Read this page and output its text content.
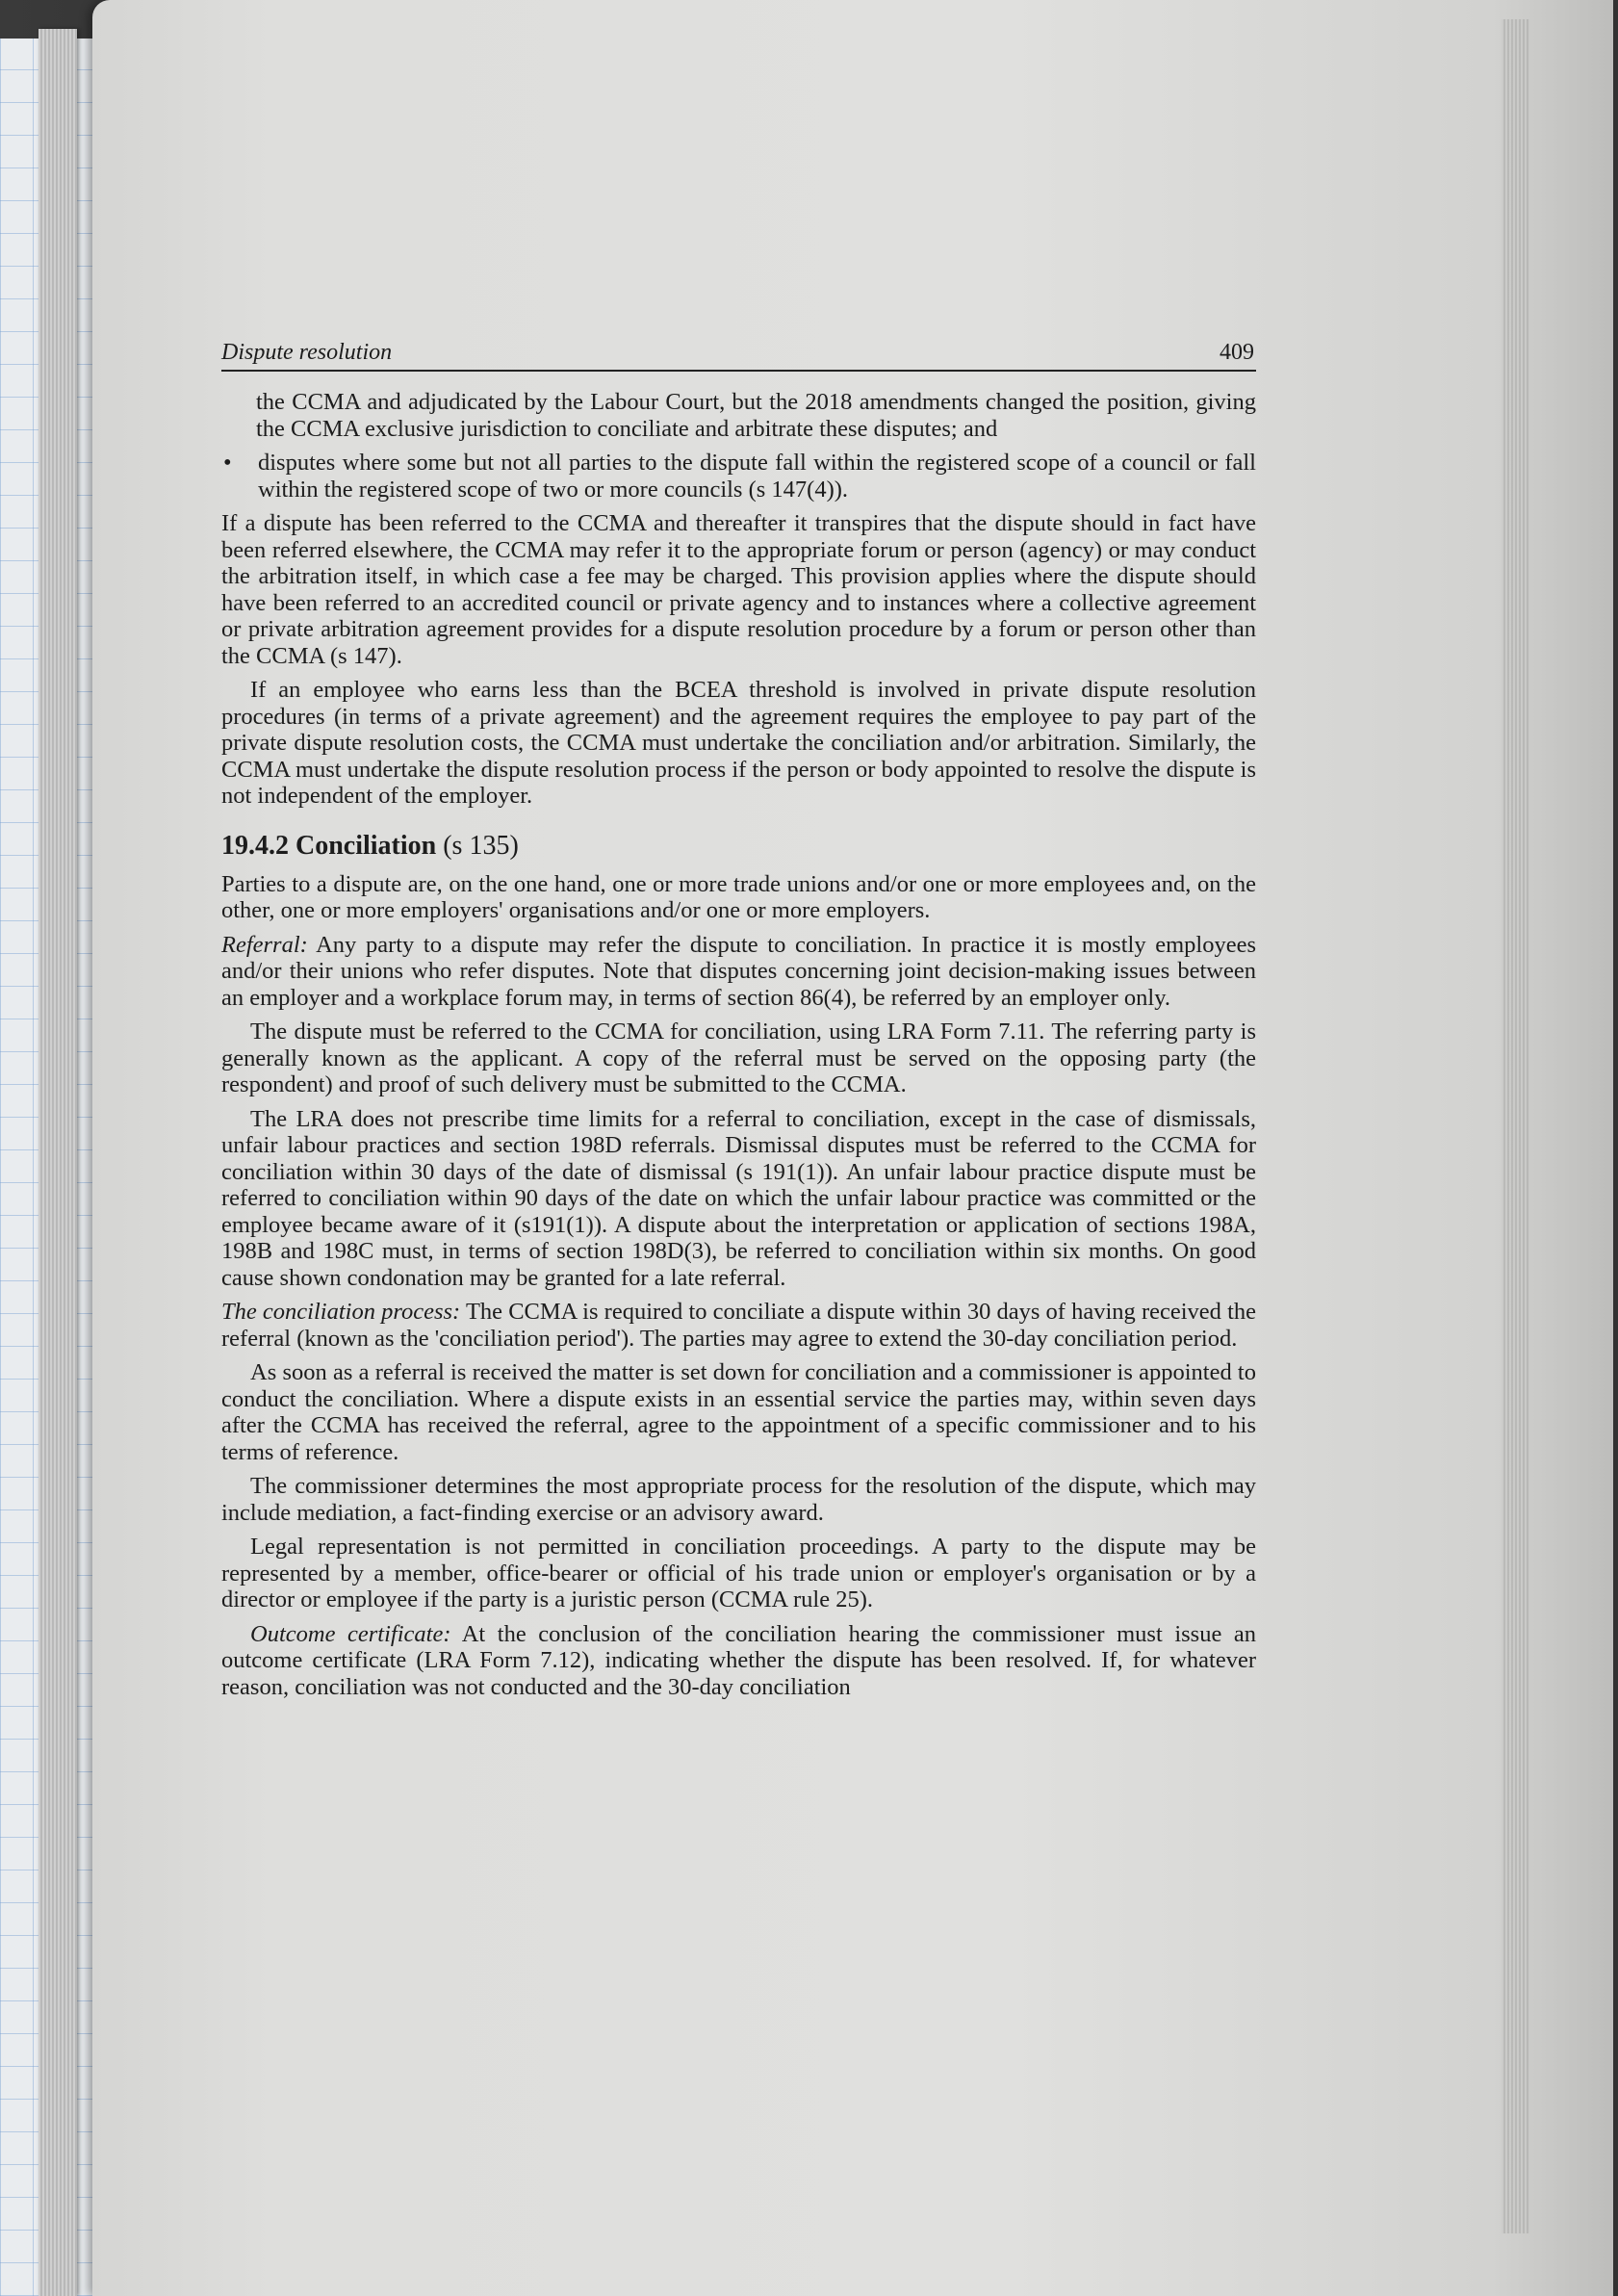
Dispute resolution	409

the CCMA and adjudicated by the Labour Court, but the 2018 amendments changed the position, giving the CCMA exclusive jurisdiction to conciliate and arbitrate these disputes; and

•	disputes where some but not all parties to the dispute fall within the registered scope of a council or fall within the registered scope of two or more councils (s 147(4)).

If a dispute has been referred to the CCMA and thereafter it transpires that the dispute should in fact have been referred elsewhere, the CCMA may refer it to the appropriate forum or person (agency) or may conduct the arbitration itself, in which case a fee may be charged. This provision applies where the dispute should have been referred to an accredited council or private agency and to instances where a collective agreement or private arbitration agreement provides for a dispute resolution procedure by a forum or person other than the CCMA (s 147).

If an employee who earns less than the BCEA threshold is involved in private dispute resolution procedures (in terms of a private agreement) and the agreement requires the employee to pay part of the private dispute resolution costs, the CCMA must undertake the conciliation and/or arbitration. Similarly, the CCMA must undertake the dispute resolution process if the person or body appointed to resolve the dispute is not independent of the employer.

19.4.2 Conciliation (s 135)

Parties to a dispute are, on the one hand, one or more trade unions and/or one or more employees and, on the other, one or more employers' organisations and/or one or more employers.

Referral: Any party to a dispute may refer the dispute to conciliation. In practice it is mostly employees and/or their unions who refer disputes. Note that disputes concerning joint decision-making issues between an employer and a workplace forum may, in terms of section 86(4), be referred by an employer only.

The dispute must be referred to the CCMA for conciliation, using LRA Form 7.11. The referring party is generally known as the applicant. A copy of the referral must be served on the opposing party (the respondent) and proof of such delivery must be submitted to the CCMA.

The LRA does not prescribe time limits for a referral to conciliation, except in the case of dismissals, unfair labour practices and section 198D referrals. Dismissal disputes must be referred to the CCMA for conciliation within 30 days of the date of dismissal (s 191(1)). An unfair labour practice dispute must be referred to conciliation within 90 days of the date on which the unfair labour practice was committed or the employee became aware of it (s191(1)). A dispute about the interpretation or application of sections 198A, 198B and 198C must, in terms of section 198D(3), be referred to conciliation within six months. On good cause shown condonation may be granted for a late referral.

The conciliation process: The CCMA is required to conciliate a dispute within 30 days of having received the referral (known as the 'conciliation period'). The parties may agree to extend the 30-day conciliation period.

As soon as a referral is received the matter is set down for conciliation and a commissioner is appointed to conduct the conciliation. Where a dispute exists in an essential service the parties may, within seven days after the CCMA has received the referral, agree to the appointment of a specific commissioner and to his terms of reference.

The commissioner determines the most appropriate process for the resolution of the dispute, which may include mediation, a fact-finding exercise or an advisory award.

Legal representation is not permitted in conciliation proceedings. A party to the dispute may be represented by a member, office-bearer or official of his trade union or employer's organisation or by a director or employee if the party is a juristic person (CCMA rule 25).

Outcome certificate: At the conclusion of the conciliation hearing the commissioner must issue an outcome certificate (LRA Form 7.12), indicating whether the dispute has been resolved. If, for whatever reason, conciliation was not conducted and the 30-day conciliation
